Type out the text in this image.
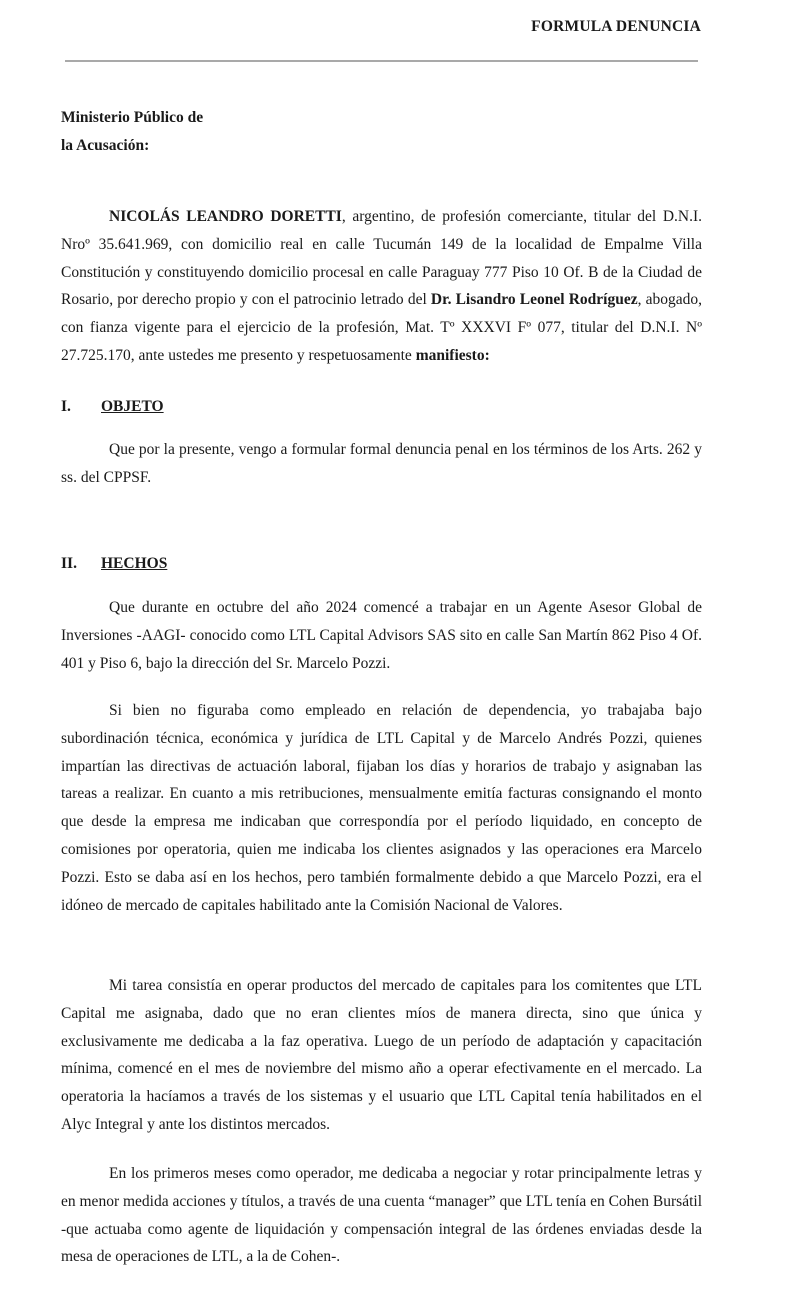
FORMULA DENUNCIA
Ministerio Público de
la Acusación:
NICOLÁS LEANDRO DORETTI, argentino, de profesión comerciante, titular del D.N.I. Nroº 35.641.969, con domicilio real en calle Tucumán 149 de la localidad de Empalme Villa Constitución y constituyendo domicilio procesal en calle Paraguay 777 Piso 10 Of. B de la Ciudad de Rosario, por derecho propio y con el patrocinio letrado del Dr. Lisandro Leonel Rodríguez, abogado, con fianza vigente para el ejercicio de la profesión, Mat. Tº XXXVI Fº 077, titular del D.N.I. Nº 27.725.170, ante ustedes me presento y respetuosamente manifiesto:
I. OBJETO
Que por la presente, vengo a formular formal denuncia penal en los términos de los Arts. 262 y ss. del CPPSF.
II. HECHOS
Que durante en octubre del año 2024 comencé a trabajar en un Agente Asesor Global de Inversiones -AAGI- conocido como LTL Capital Advisors SAS sito en calle San Martín 862 Piso 4 Of. 401 y Piso 6, bajo la dirección del Sr. Marcelo Pozzi.
Si bien no figuraba como empleado en relación de dependencia, yo trabajaba bajo subordinación técnica, económica y jurídica de LTL Capital y de Marcelo Andrés Pozzi, quienes impartían las directivas de actuación laboral, fijaban los días y horarios de trabajo y asignaban las tareas a realizar. En cuanto a mis retribuciones, mensualmente emitía facturas consignando el monto que desde la empresa me indicaban que correspondía por el período liquidado, en concepto de comisiones por operatoria, quien me indicaba los clientes asignados y las operaciones era Marcelo Pozzi. Esto se daba así en los hechos, pero también formalmente debido a que Marcelo Pozzi, era el idóneo de mercado de capitales habilitado ante la Comisión Nacional de Valores.
Mi tarea consistía en operar productos del mercado de capitales para los comitentes que LTL Capital me asignaba, dado que no eran clientes míos de manera directa, sino que única y exclusivamente me dedicaba a la faz operativa. Luego de un período de adaptación y capacitación mínima, comencé en el mes de noviembre del mismo año a operar efectivamente en el mercado. La operatoria la hacíamos a través de los sistemas y el usuario que LTL Capital tenía habilitados en el Alyc Integral y ante los distintos mercados.
En los primeros meses como operador, me dedicaba a negociar y rotar principalmente letras y en menor medida acciones y títulos, a través de una cuenta “manager” que LTL tenía en Cohen Bursátil -que actuaba como agente de liquidación y compensación integral de las órdenes enviadas desde la mesa de operaciones de LTL, a la de Cohen-.
